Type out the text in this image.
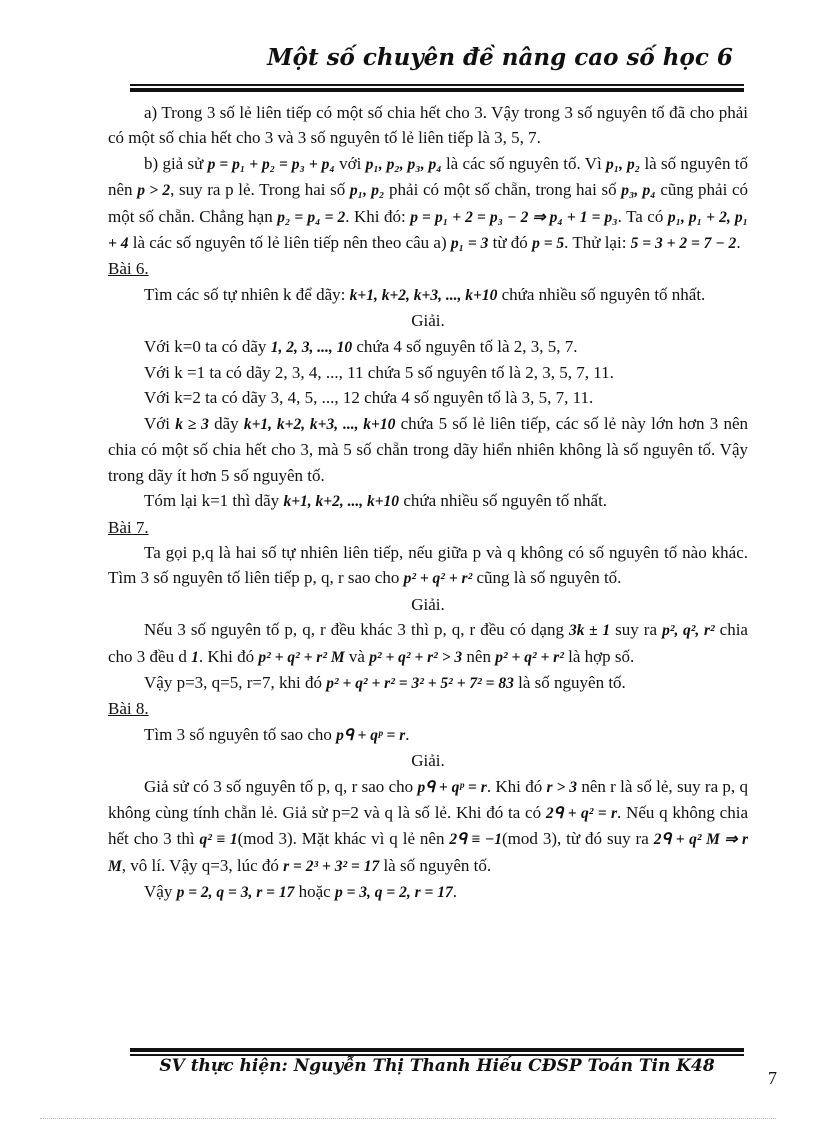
Một số chuyên đề nâng cao số học 6

a) Trong 3 số lẻ liên tiếp có một số chia hết cho 3. Vậy trong 3 số nguyên tố đã cho phải có một số chia hết cho 3 và 3 số nguyên tố lẻ liên tiếp là 3, 5, 7.

b) giả sử p = p₁ + p₂ = p₃ + p₄ với p₁, p₂, p₃, p₄ là các số nguyên tố. Vì p₁, p₂ là số nguyên tố nên p > 2, suy ra p lẻ. Trong hai số p₁, p₂ phải có một số chẵn, trong hai số p₃, p₄ cũng phải có một số chẵn. Chẳng hạn p₂ = p₄ = 2. Khi đó: p = p₁ + 2 = p₃ − 2 ⇒ p₄ + 1 = p₃. Ta có p₁, p₁ + 2, p₁ + 4 là các số nguyên tố lẻ liên tiếp nên theo câu a) p₁ = 3 từ đó p = 5. Thử lại: 5 = 3 + 2 = 7 − 2.

Bài 6.

Tìm các số tự nhiên k để dãy: k+1, k+2, k+3, ..., k+10 chứa nhiều số nguyên tố nhất.

Giải.

Với k=0 ta có dãy 1, 2, 3, ..., 10 chứa 4 số nguyên tố là 2, 3, 5, 7.

Với k =1 ta có dãy 2, 3, 4, ..., 11 chứa 5 số nguyên tố là 2, 3, 5, 7, 11.

Với k=2 ta có dãy 3, 4, 5, ..., 12 chứa 4 số nguyên tố là 3, 5, 7, 11.

Với k ≥ 3 dãy k+1, k+2, k+3, ..., k+10 chứa 5 số lẻ liên tiếp, các số lẻ này lớn hơn 3 nên chia có một số chia hết cho 3, mà 5 số chẵn trong dãy hiển nhiên không là số nguyên tố. Vậy trong dãy ít hơn 5 số nguyên tố.

Tóm lại k=1 thì dãy k+1, k+2, ..., k+10 chứa nhiều số nguyên tố nhất.

Bài 7.

Ta gọi p,q là hai số tự nhiên liên tiếp, nếu giữa p và q không có số nguyên tố nào khác. Tìm 3 số nguyên tố liên tiếp p, q, r sao cho p² + q² + r² cũng là số nguyên tố.

Giải.

Nếu 3 số nguyên tố p, q, r đều khác 3 thì p, q, r đều có dạng 3k ± 1 suy ra p², q², r² chia cho 3 đều d 1. Khi đó p² + q² + r² M và p² + q² + r² > 3 nên p² + q² + r² là hợp số.

Vậy p=3, q=5, r=7, khi đó p² + q² + r² = 3² + 5² + 7² = 83 là số nguyên tố.

Bài 8.

Tìm 3 số nguyên tố sao cho pᑫ + qᵖ = r.

Giải.

Giả sử có 3 số nguyên tố p, q, r sao cho pᑫ + qᵖ = r. Khi đó r > 3 nên r là số lẻ, suy ra p, q không cùng tính chẵn lẻ. Giả sử p=2 và q là số lẻ. Khi đó ta có 2ᑫ + q² = r. Nếu q không chia hết cho 3 thì q² ≡ 1(mod 3). Mặt khác vì q lẻ nên 2ᑫ ≡ −1(mod 3), từ đó suy ra 2ᑫ + q² M ⇒ r M, vô lí. Vậy q=3, lúc đó r = 2³ + 3² = 17 là số nguyên tố.

Vậy p = 2, q = 3, r = 17 hoặc p = 3, q = 2, r = 17.

SV thực hiện: Nguyễn Thị Thanh Hiếu CĐSP Toán Tin K48
7
